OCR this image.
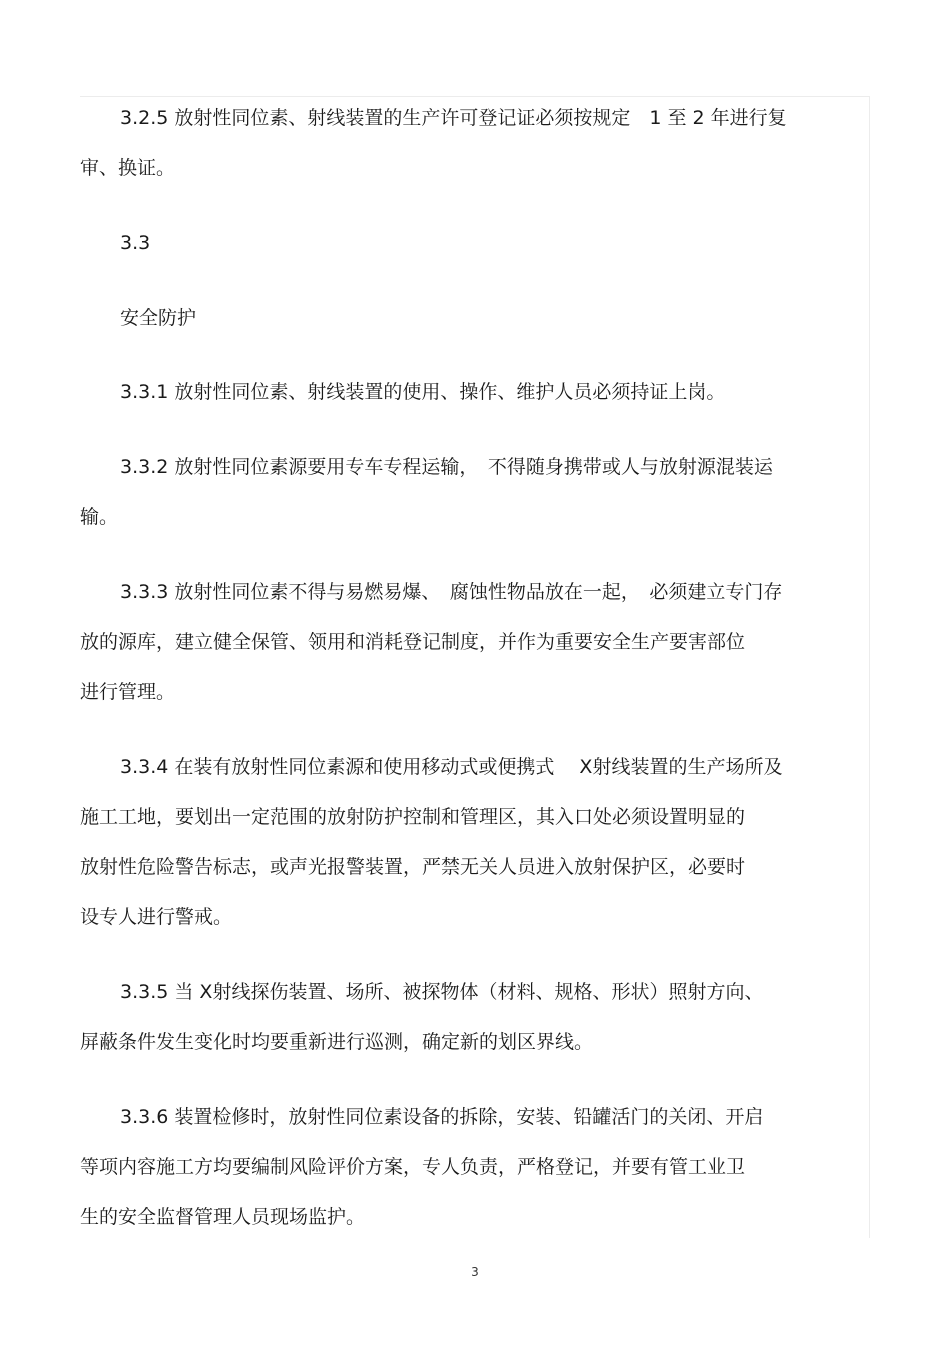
3.2.5 放射性同位素、射线装置的生产许可登记证必须按规定　1 至 2 年进行复
审、换证。
3.3
安全防护
3.3.1 放射性同位素、射线装置的使用、操作、维护人员必须持证上岗。
3.3.2 放射性同位素源要用专车专程运输，　不得随身携带或人与放射源混装运
输。
3.3.3 放射性同位素不得与易燃易爆、　腐蚀性物品放在一起，　必须建立专门存
放的源库，建立健全保管、领用和消耗登记制度，并作为重要安全生产要害部位
进行管理。
3.3.4 在装有放射性同位素源和使用移动式或便携式　 X射线装置的生产场所及
施工工地，要划出一定范围的放射防护控制和管理区，其入口处必须设置明显的
放射性危险警告标志，或声光报警装置，严禁无关人员进入放射保护区，必要时
设专人进行警戒。
3.3.5 当 X射线探伤装置、场所、被探物体（材料、规格、形状）照射方向、
屏蔽条件发生变化时均要重新进行巡测，确定新的划区界线。
3.3.6 装置检修时，放射性同位素设备的拆除，安装、铅罐活门的关闭、开启
等项内容施工方均要编制风险评价方案，专人负责，严格登记，并要有管工业卫
生的安全监督管理人员现场监护。
3
